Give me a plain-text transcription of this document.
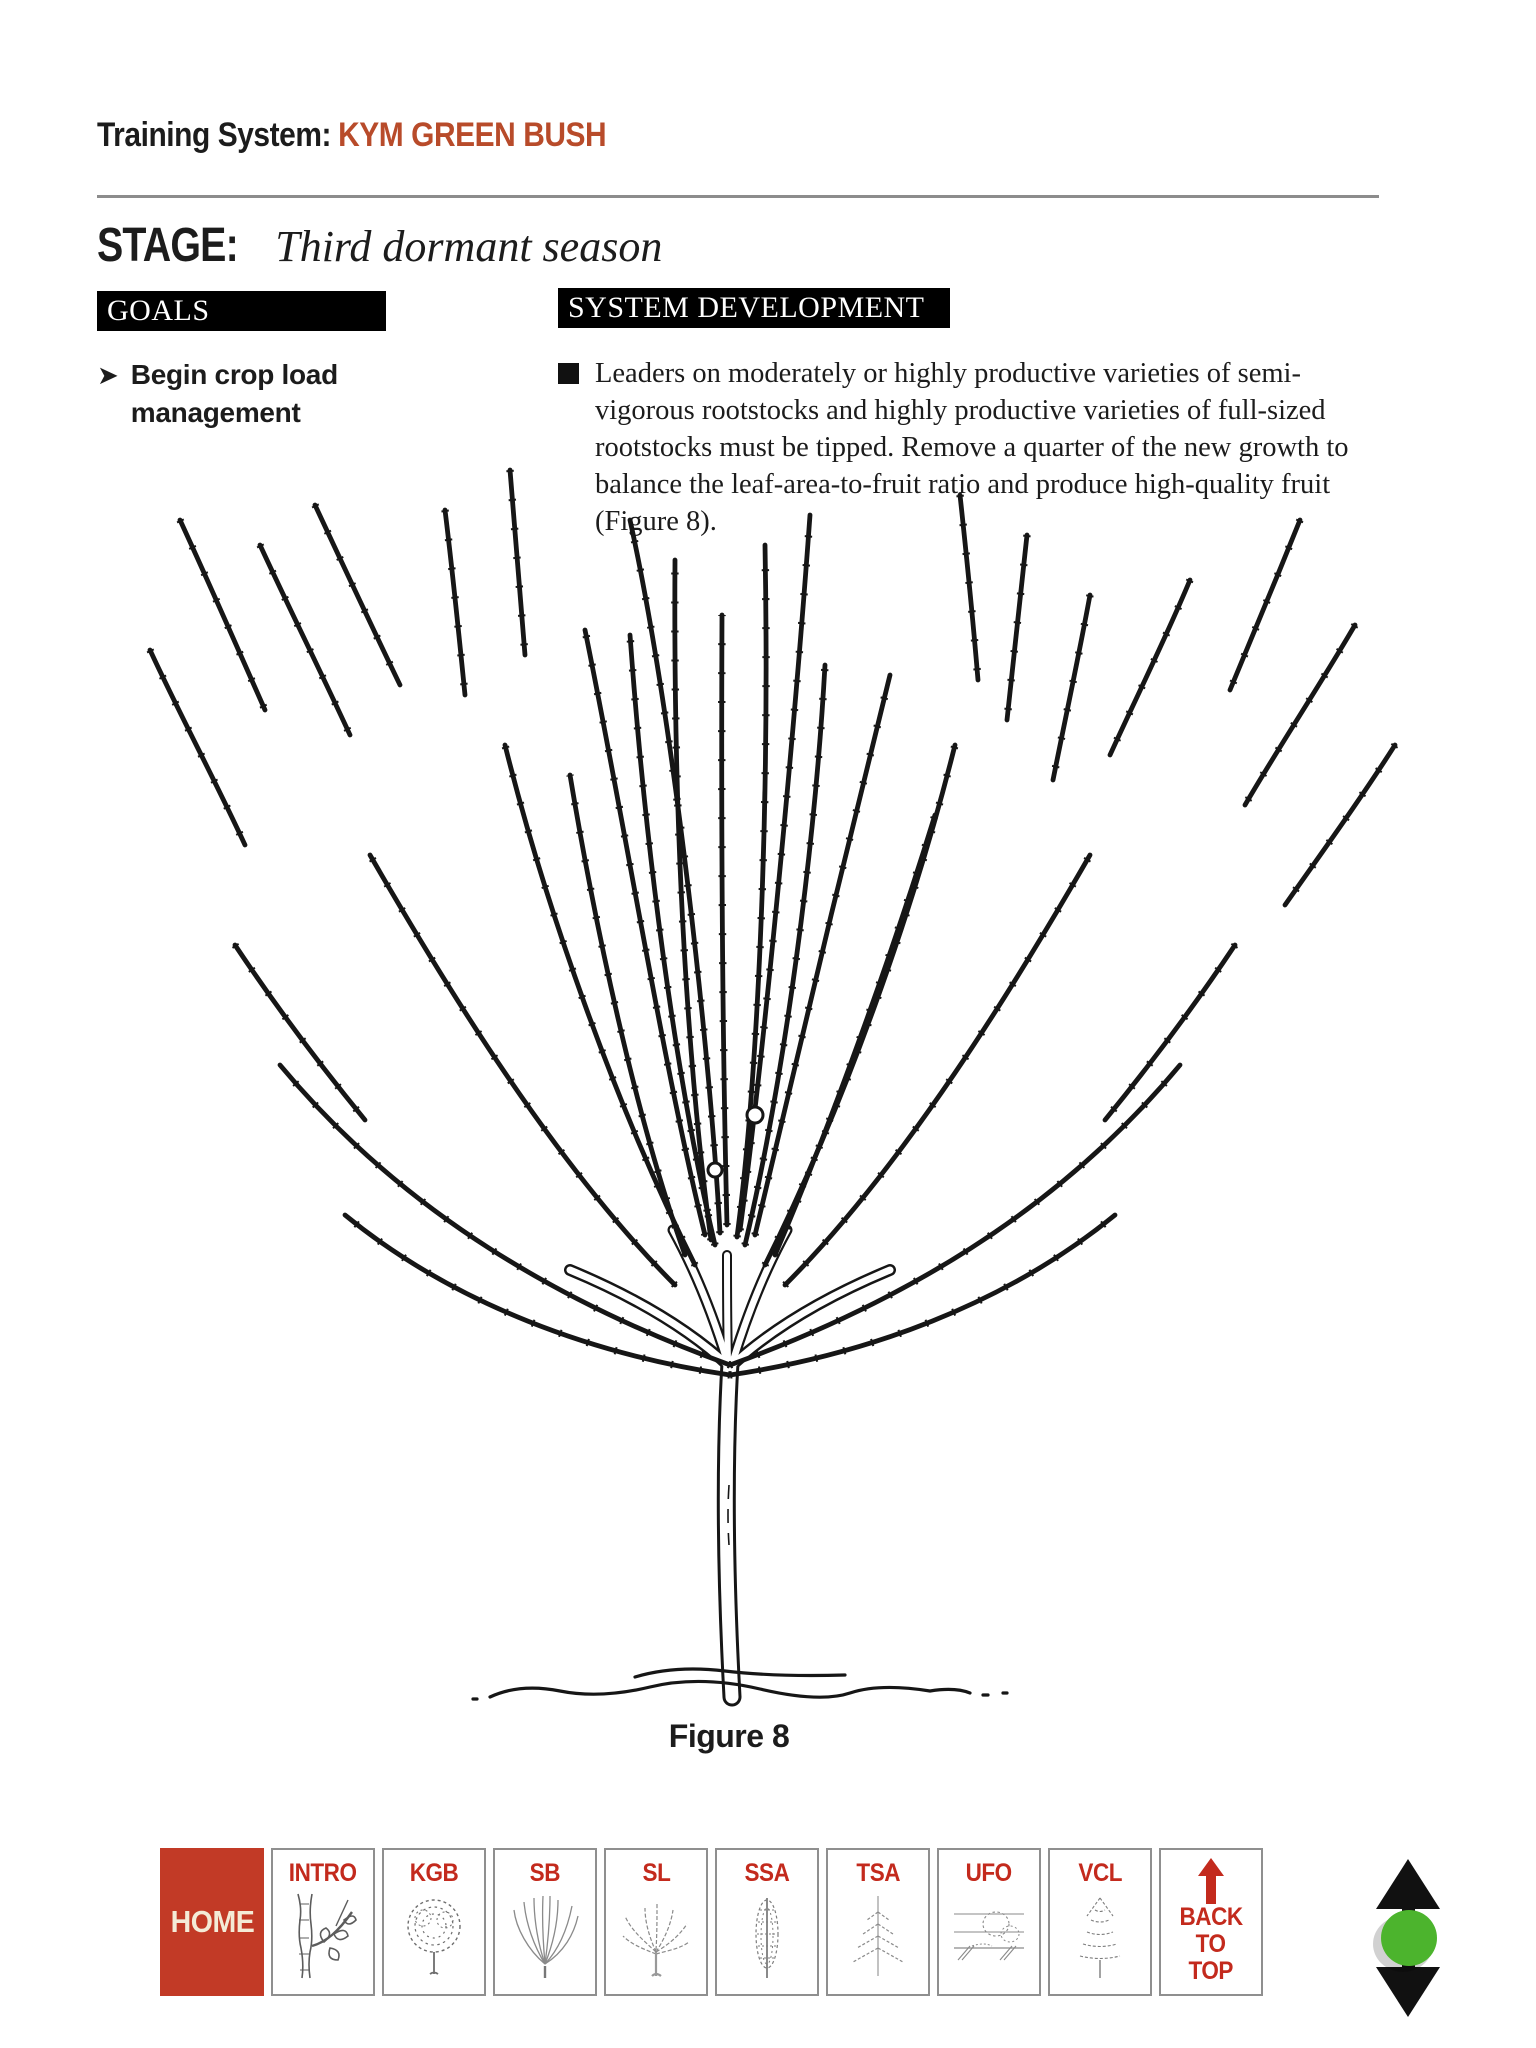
Training System: KYM GREEN BUSH
STAGE: Third dormant season
GOALS	SYSTEM DEVELOPMENT
➤ Begin crop load management
Leaders on moderately or highly productive varieties of semi-vigorous rootstocks and highly productive varieties of full-sized rootstocks must be tipped. Remove a quarter of the new growth to balance the leaf-area-to-fruit ratio and produce high-quality fruit (Figure 8).
Figure 8
HOME
INTRO KGB	SB	SL	SSA	TSA	UFO	VCL
BACK
TO
TOP
